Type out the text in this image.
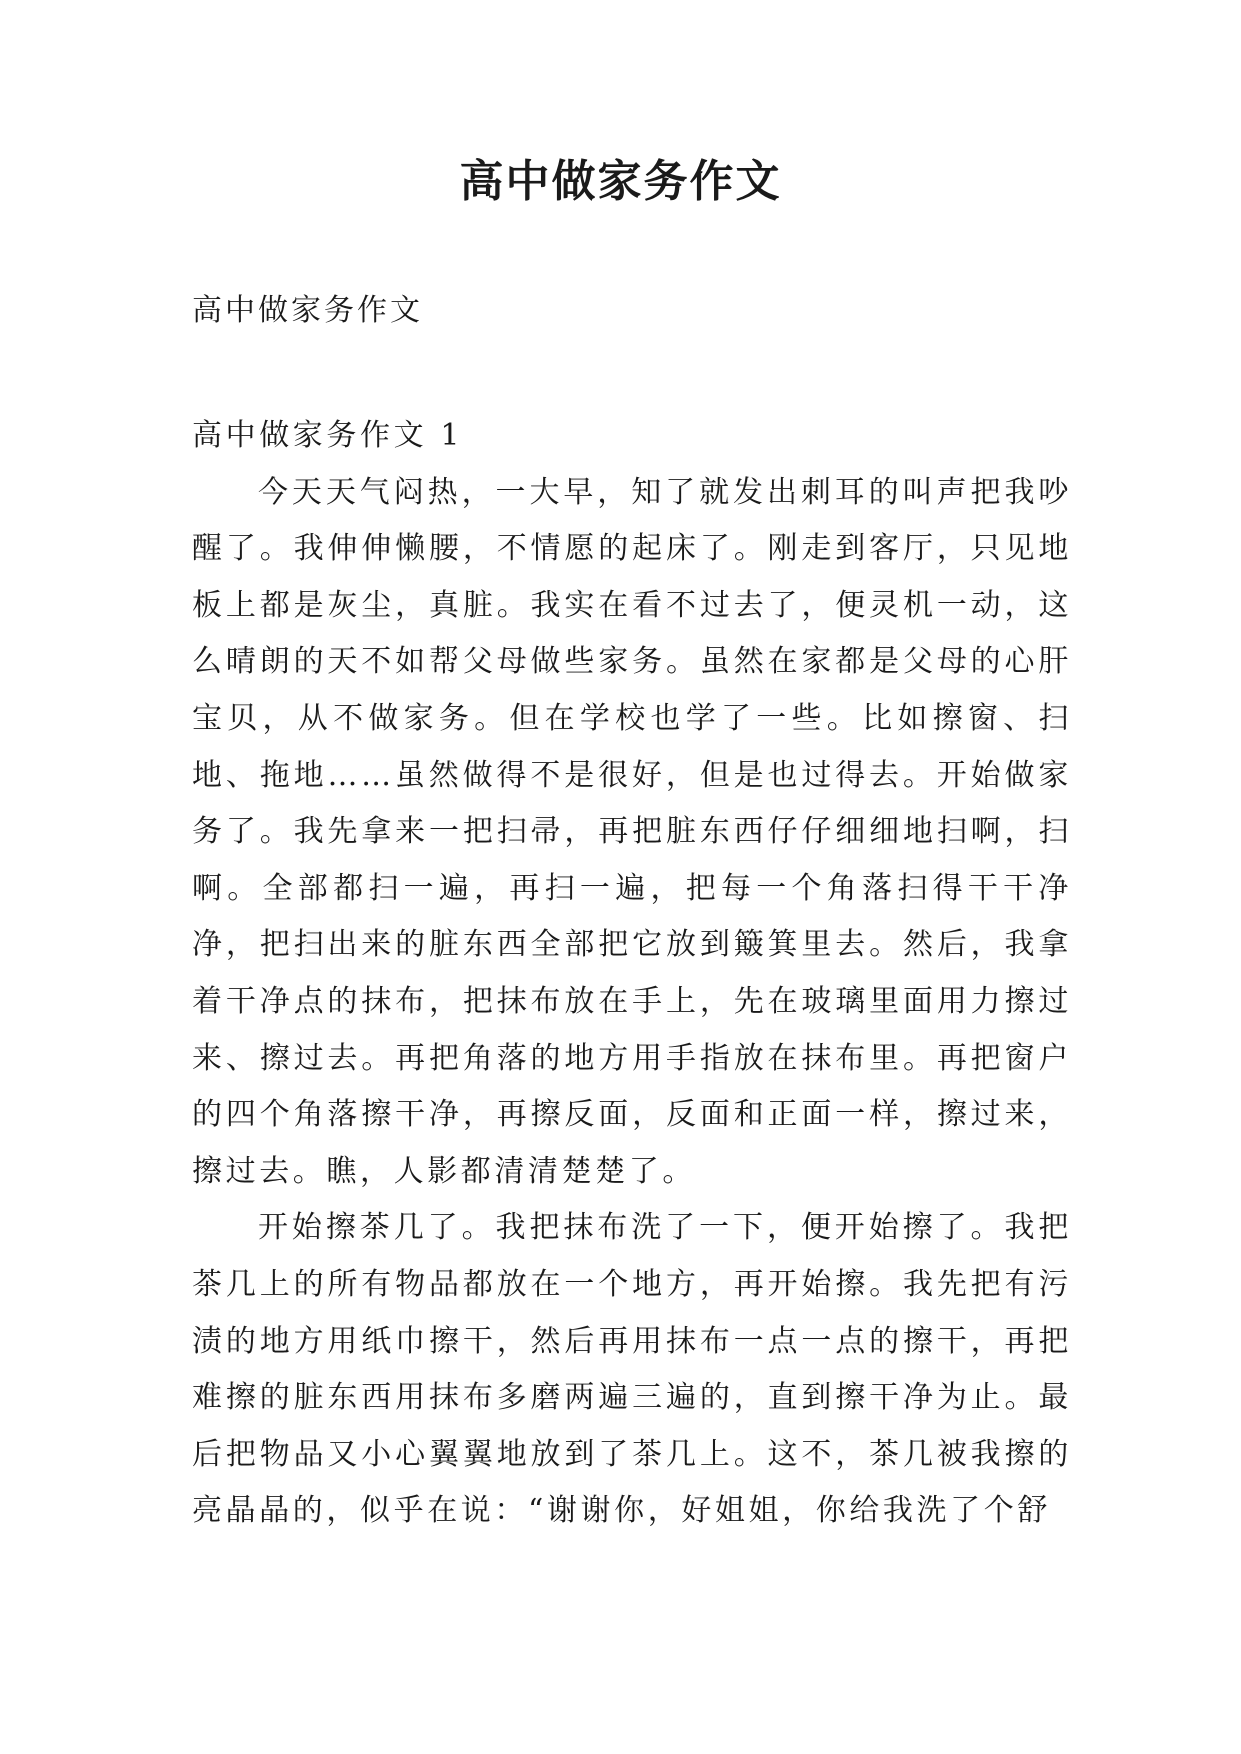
高中做家务作文
高中做家务作文

高中做家务作文 1

今天天气闷热，一大早，知了就发出刺耳的叫声把我吵醒了。我伸伸懒腰，不情愿的起床了。刚走到客厅，只见地板上都是灰尘，真脏。我实在看不过去了，便灵机一动，这么晴朗的天不如帮父母做些家务。虽然在家都是父母的心肝宝贝，从不做家务。但在学校也学了一些。比如擦窗、扫地、拖地……虽然做得不是很好，但是也过得去。开始做家务了。我先拿来一把扫帚，再把脏东西仔仔细细地扫啊，扫啊。全部都扫一遍，再扫一遍，把每一个角落扫得干干净净，把扫出来的脏东西全部把它放到簸箕里去。然后，我拿着干净点的抹布，把抹布放在手上，先在玻璃里面用力擦过来、擦过去。再把角落的地方用手指放在抹布里。再把窗户的四个角落擦干净，再擦反面，反面和正面一样，擦过来，擦过去。瞧，人影都清清楚楚了。

开始擦茶几了。我把抹布洗了一下，便开始擦了。我把茶几上的所有物品都放在一个地方，再开始擦。我先把有污渍的地方用纸巾擦干，然后再用抹布一点一点的擦干，再把难擦的脏东西用抹布多磨两遍三遍的，直到擦干净为止。最后把物品又小心翼翼地放到了茶几上。这不，茶几被我擦的亮晶晶的，似乎在说：“谢谢你，好姐姐，你给我洗了个舒
